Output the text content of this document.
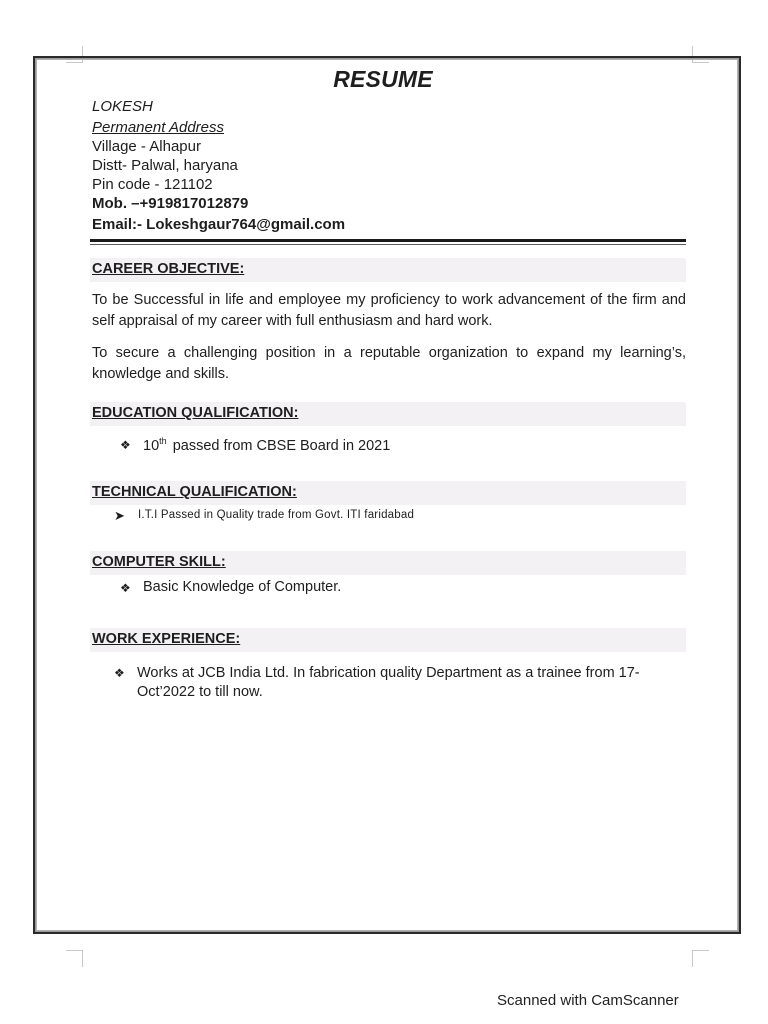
RESUME
LOKESH
Permanent Address
Village - Alhapur
Distt- Palwal, haryana
Pin code - 121102
Mob. –+919817012879
Email:- Lokeshgaur764@gmail.com
CAREER OBJECTIVE:
To be Successful in life and employee my proficiency to work advancement of the firm and self appraisal of my career with full enthusiasm and hard work.
To secure a challenging position in a reputable organization to expand my learning’s, knowledge and skills.
EDUCATION QUALIFICATION:
❖ 10th passed from CBSE Board in 2021
TECHNICAL QUALIFICATION:
➤ I.T.I Passed in Quality trade from Govt. ITI faridabad
COMPUTER SKILL:
❖ Basic Knowledge of Computer.
WORK EXPERIENCE:
❖ Works at JCB India Ltd. In fabrication quality Department as a trainee from 17-Oct’2022 to till now.
Scanned with CamScanner
